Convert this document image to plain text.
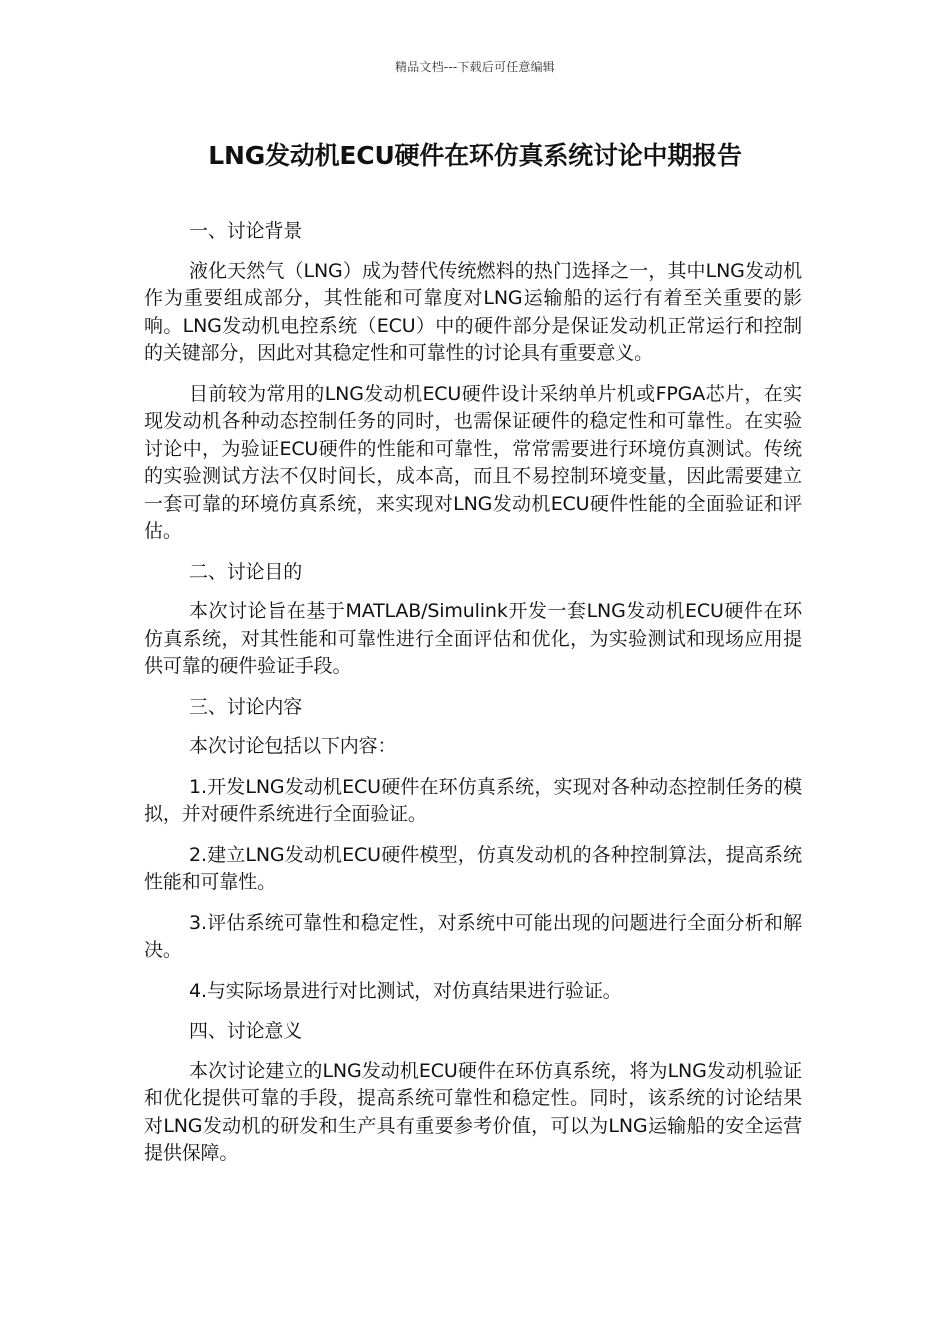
精品文档---下载后可任意编辑
LNG发动机ECU硬件在环仿真系统讨论中期报告

一、讨论背景

液化天然气（LNG）成为替代传统燃料的热门选择之一，其中LNG发动机作为重要组成部分，其性能和可靠度对LNG运输船的运行有着至关重要的影响。LNG发动机电控系统（ECU）中的硬件部分是保证发动机正常运行和控制的关键部分，因此对其稳定性和可靠性的讨论具有重要意义。

目前较为常用的LNG发动机ECU硬件设计采纳单片机或FPGA芯片，在实现发动机各种动态控制任务的同时，也需保证硬件的稳定性和可靠性。在实验讨论中，为验证ECU硬件的性能和可靠性，常常需要进行环境仿真测试。传统的实验测试方法不仅时间长，成本高，而且不易控制环境变量，因此需要建立一套可靠的环境仿真系统，来实现对LNG发动机ECU硬件性能的全面验证和评估。

二、讨论目的

本次讨论旨在基于MATLAB/Simulink开发一套LNG发动机ECU硬件在环仿真系统，对其性能和可靠性进行全面评估和优化，为实验测试和现场应用提供可靠的硬件验证手段。

三、讨论内容

本次讨论包括以下内容：

1.开发LNG发动机ECU硬件在环仿真系统，实现对各种动态控制任务的模拟，并对硬件系统进行全面验证。

2.建立LNG发动机ECU硬件模型，仿真发动机的各种控制算法，提高系统性能和可靠性。

3.评估系统可靠性和稳定性，对系统中可能出现的问题进行全面分析和解决。

4.与实际场景进行对比测试，对仿真结果进行验证。

四、讨论意义

本次讨论建立的LNG发动机ECU硬件在环仿真系统，将为LNG发动机验证和优化提供可靠的手段，提高系统可靠性和稳定性。同时，该系统的讨论结果对LNG发动机的研发和生产具有重要参考价值，可以为LNG运输船的安全运营提供保障。
